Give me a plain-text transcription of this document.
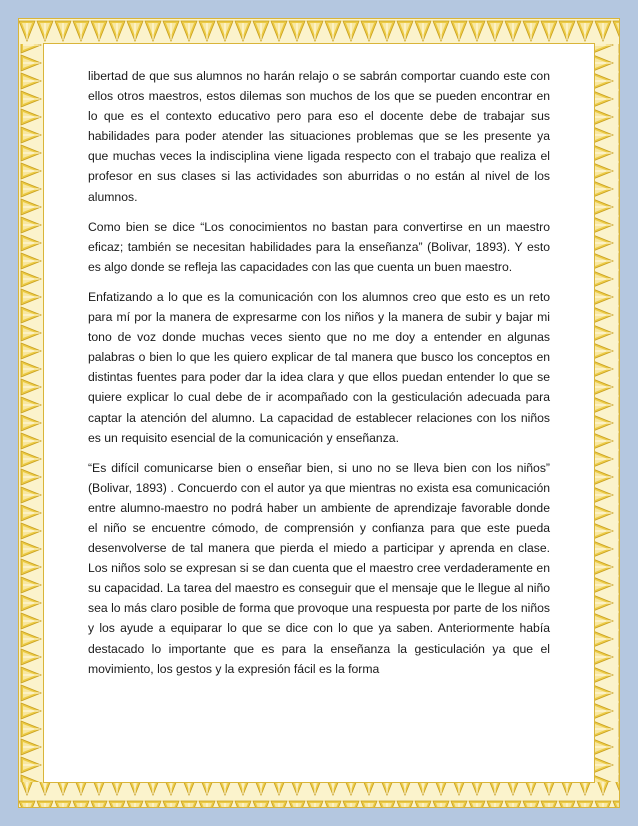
libertad de que sus alumnos no harán relajo o se sabrán comportar cuando este con ellos otros maestros, estos dilemas son muchos de los que se pueden encontrar en lo que es el contexto educativo pero para eso el docente debe de trabajar sus habilidades para poder atender las situaciones problemas que se les presente ya que muchas veces la indisciplina viene ligada respecto con el trabajo que realiza el profesor en sus clases si las actividades son aburridas o no están al nivel de los alumnos.

Como bien se dice “Los conocimientos no bastan para convertirse en un maestro eficaz; también se necesitan habilidades para la enseñanza” (Bolivar, 1893). Y esto es algo donde se refleja las capacidades con las que cuenta un buen maestro.

Enfatizando a lo que es la comunicación con los alumnos creo que esto es un reto para mí por la manera de expresarme con los niños y la manera de subir y bajar mi tono de voz donde muchas veces siento que no me doy a entender en algunas palabras o bien lo que les quiero explicar de tal manera que busco los conceptos en distintas fuentes para poder dar la idea clara y que ellos puedan entender lo que se quiere explicar lo cual debe de ir acompañado con la gesticulación adecuada para captar la atención del alumno. La capacidad de establecer relaciones con los niños es un requisito esencial de la comunicación y enseñanza.

“Es difícil comunicarse bien o enseñar bien, si uno no se lleva bien con los niños” (Bolivar, 1893) . Concuerdo con el autor ya que mientras no exista esa comunicación entre alumno-maestro no podrá haber un ambiente de aprendizaje favorable donde el niño se encuentre cómodo, de comprensión y confianza para que este pueda desenvolverse de tal manera que pierda el miedo a participar y aprenda en clase. Los niños solo se expresan si se dan cuenta que el maestro cree verdaderamente en su capacidad. La tarea del maestro es conseguir que el mensaje que le llegue al niño sea lo más claro posible de forma que provoque una respuesta por parte de los niños y los ayude a equiparar lo que se dice con lo que ya saben. Anteriormente había destacado lo importante que es para la enseñanza la gesticulación ya que el movimiento, los gestos y la expresión fácil es la forma
